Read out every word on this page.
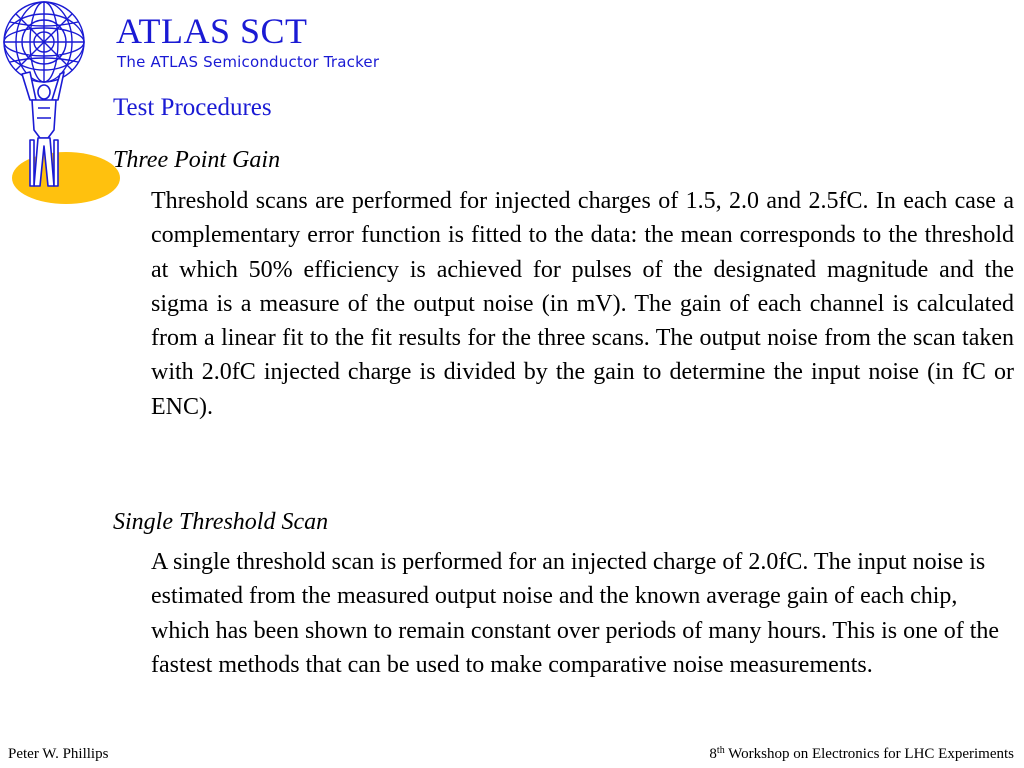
ATLAS SCT
The ATLAS Semiconductor Tracker
Test Procedures
Three Point Gain

Threshold scans are performed for injected charges of 1.5, 2.0 and 2.5fC. In each case a complementary error function is fitted to the data: the mean corresponds to the threshold at which 50% efficiency is achieved for pulses of the designated magnitude and the sigma is a measure of the output noise (in mV). The gain of each channel is calculated from a linear fit to the fit results for the three scans. The output noise from the scan taken with 2.0fC injected charge is divided by the gain to determine the input noise (in fC or ENC).

Single Threshold Scan

A single threshold scan is performed for an injected charge of 2.0fC. The input noise is estimated from the measured output noise and the known average gain of each chip, which has been shown to remain constant over periods of many hours. This is one of the fastest methods that can be used to make comparative noise measurements.

Peter W. Phillips	8th Workshop on Electronics for LHC Experiments
